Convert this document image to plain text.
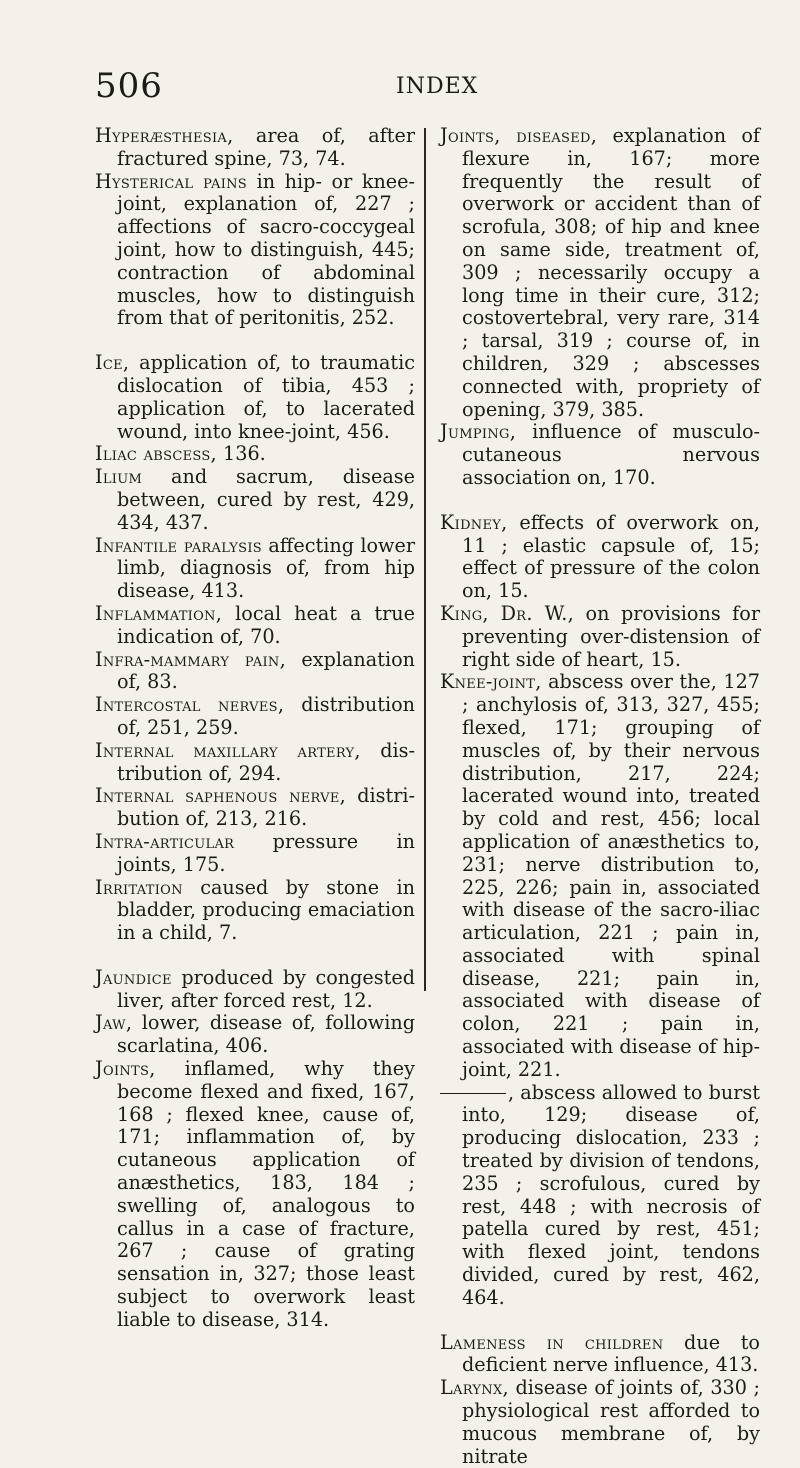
506	INDEX

Hyperæsthesia, area of, after fractured spine, 73, 74.

Hysterical pains in hip- or knee-joint, explanation of, 227 ; affections of sacro-coccygeal joint, how to distinguish, 445; contraction of abdominal muscles, how to distinguish from that of peritonitis, 252.

Ice, application of, to traumatic dislocation of tibia, 453 ; application of, to lacerated wound, into knee-joint, 456.

Iliac abscess, 136.

Ilium and sacrum, disease between, cured by rest, 429, 434, 437.

Infantile paralysis affecting lower limb, diagnosis of, from hip disease, 413.

Inflammation, local heat a true indication of, 70.

Infra-mammary pain, explanation of, 83.

Intercostal nerves, distribution of, 251, 259.

Internal maxillary artery, distribution of, 294.

Internal saphenous nerve, distribution of, 213, 216.

Intra-articular pressure in joints, 175.

Irritation caused by stone in bladder, producing emaciation in a child, 7.

Jaundice produced by congested liver, after forced rest, 12.

Jaw, lower, disease of, following scarlatina, 406.

Joints, inflamed, why they become flexed and fixed, 167, 168 ; flexed knee, cause of, 171; inflammation of, by cutaneous application of anæsthetics, 183, 184 ; swelling of, analogous to callus in a case of fracture, 267 ; cause of grating sensation in, 327; those least subject to overwork least liable to disease, 314.

Joints, diseased, explanation of flexure in, 167; more frequently the result of overwork or accident than of scrofula, 308; of hip and knee on same side, treatment of, 309 ; necessarily occupy a long time in their cure, 312; costovertebral, very rare, 314 ; tarsal, 319 ; course of, in children, 329 ; abscesses connected with, propriety of opening, 379, 385.

Jumping, influence of musculo-cutaneous nervous association on, 170.

Kidney, effects of overwork on, 11 ; elastic capsule of, 15; effect of pressure of the colon on, 15.

King, Dr. W., on provisions for preventing over-distension of right side of heart, 15.

Knee-joint, abscess over the, 127 ; anchylosis of, 313, 327, 455; flexed, 171; grouping of muscles of, by their nervous distribution, 217, 224; lacerated wound into, treated by cold and rest, 456; local application of anæsthetics to, 231; nerve distribution to, 225, 226; pain in, associated with disease of the sacro-iliac articulation, 221 ; pain in, associated with spinal disease, 221; pain in, associated with disease of colon, 221 ; pain in, associated with disease of hip-joint, 221.

, abscess allowed to burst into, 129; disease of, producing dislocation, 233 ; treated by division of tendons, 235 ; scrofulous, cured by rest, 448 ; with necrosis of patella cured by rest, 451; with flexed joint, tendons divided, cured by rest, 462, 464.

Lameness in children due to deficient nerve influence, 413.

Larynx, disease of joints of, 330 ; physiological rest afforded to mucous membrane of, by nitrate
